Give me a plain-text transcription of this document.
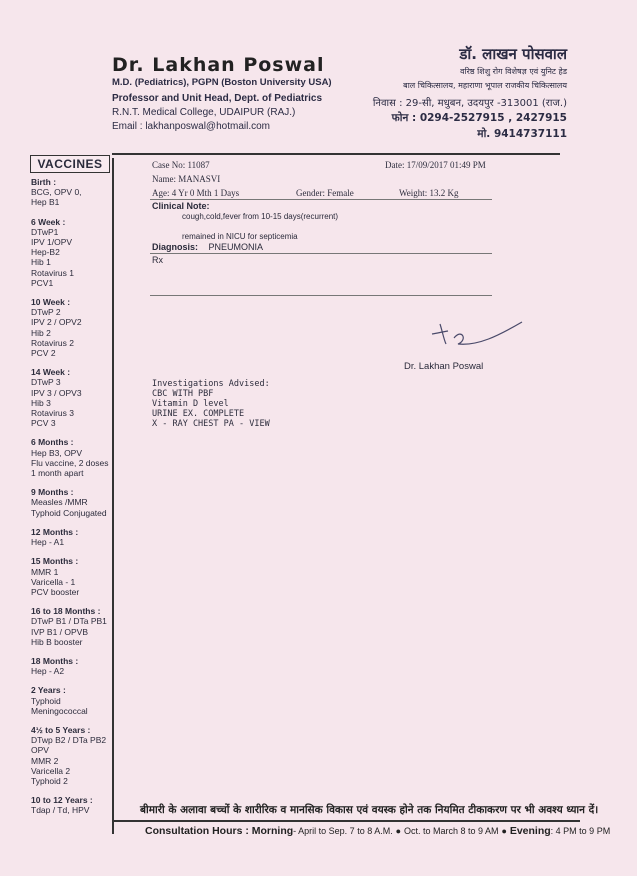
Dr. Lakhan Poswal
M.D. (Pediatrics), PGPN (Boston University USA)
Professor and Unit Head, Dept. of Pediatrics
R.N.T. Medical College, UDAIPUR (RAJ.)
Email : lakhanposwal@hotmail.com
डॉ. लाखन पोसवाल
वरिष्ठ शिशु रोग विशेषज्ञ एवं युनिट हेड
बाल चिकित्सालय, महाराणा भूपाल राजकीय चिकित्सालय
निवास : 29-सी, मधुबन, उदयपुर -313001 (राज.)
फोन : 0294-2527915 , 2427915
मो. 9414737111
VACCINES
Birth :
BCG, OPV 0,
Hep B1
6 Week :
DTwP1
IPV 1/OPV
Hep-B2
Hib 1
Rotavirus 1
PCV1
10 Week :
DTwP 2
IPV 2 / OPV2
Hib 2
Rotavirus 2
PCV 2
14 Week :
DTwP 3
IPV 3 / OPV3
Hib 3
Rotavirus 3
PCV 3
6 Months :
Hep B3, OPV
Flu vaccine, 2 doses
1 month apart
9 Months :
Measles /MMR
Typhoid Conjugated
12 Months :
Hep - A1
15 Months :
MMR 1
Varicella - 1
PCV booster
16 to 18 Months :
DTwP B1 / DTa PB1
IVP B1 / OPVB
Hib B booster
18 Months :
Hep - A2
2 Years :
Typhoid
Meningococcal
4½ to 5 Years :
DTwp B2 / DTa PB2
OPV
MMR 2
Varicella 2
Typhoid 2
10 to 12 Years :
Tdap / Td, HPV
Case No: 11087	Date: 17/09/2017 01:49 PM
Name: MANASVI
Age: 4 Yr 0 Mth 1 Days	Gender: Female	Weight: 13.2 Kg
Clinical Note:
cough,cold,fever from 10-15 days(recurrent)
remained in NICU for septicemia
Diagnosis: PNEUMONIA
Rx
Dr. Lakhan Poswal
Investigations Advised:
CBC WITH PBF
Vitamin D level
URINE EX. COMPLETE
X - RAY CHEST PA - VIEW
बीमारी के अलावा बच्चों के शारीरिक व मानसिक विकास एवं वयस्क होने तक नियमित टीकाकरण पर भी अवश्य ध्यान दें।
Consultation Hours : Morning- April to Sep. 7 to 8 A.M. ● Oct. to March 8 to 9 AM ● Evening: 4 PM to 9 PM
